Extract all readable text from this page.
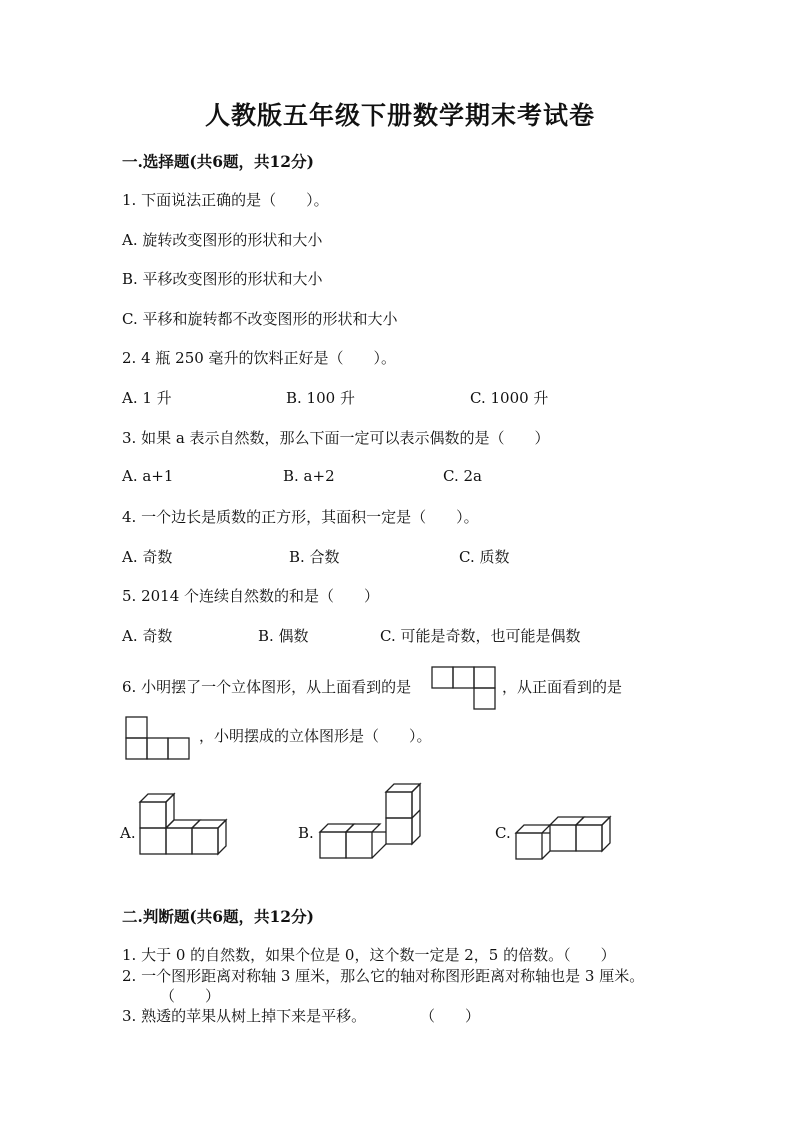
人教版五年级下册数学期末考试卷
一.选择题(共6题，共12分)
1. 下面说法正确的是（　　）。
A. 旋转改变图形的形状和大小
B. 平移改变图形的形状和大小
C. 平移和旋转都不改变图形的形状和大小
2. 4 瓶 250 毫升的饮料正好是（　　）。
A. 1 升	B. 100 升	C. 1000 升
3. 如果 a 表示自然数，那么下面一定可以表示偶数的是（　　）
A. a+1	B. a+2	C. 2a
4. 一个边长是质数的正方形，其面积一定是（　　）。
A. 奇数	B. 合数	C. 质数
5. 2014 个连续自然数的和是（　　）
A. 奇数	B. 偶数	C. 可能是奇数，也可能是偶数
6. 小明摆了一个立体图形，从上面看到的是	，从正面看到的是
，小明摆成的立体图形是（　　）。
A.	B.	C.
二.判断题(共6题，共12分)
1. 大于 0 的自然数，如果个位是 0，这个数一定是 2，5 的倍数。（　　）
2. 一个图形距离对称轴 3 厘米，那么它的轴对称图形距离对称轴也是 3 厘米。
（　　）
3. 熟透的苹果从树上掉下来是平移。	（　　）
